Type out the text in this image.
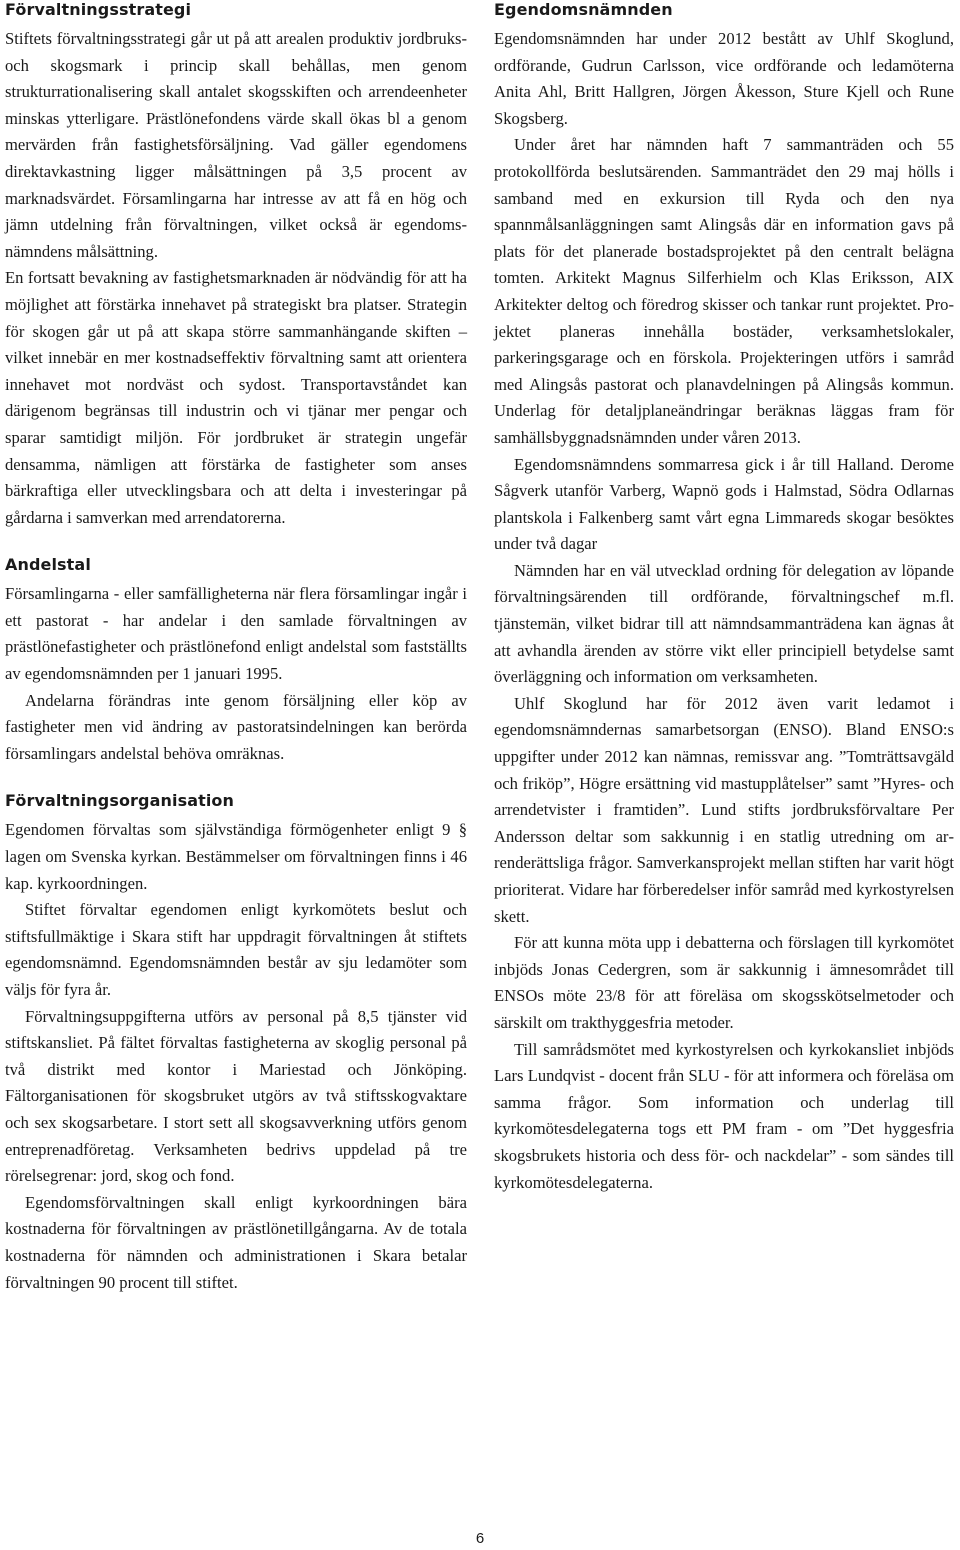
Förvaltningsstrategi

Stiftets förvaltningsstrategi går ut på att arealen produktiv jordbruks- och skogsmark i princip skall behållas, men genom strukturrationalisering skall antalet skogsskiften och arrendeenheter minskas ytterligare. Prästlönefondens värde skall ökas bl a genom mervärden från fastighetsförsäljning. Vad gäller egendomens direktavkastning ligger målsättningen på 3,5 procent av marknadsvärdet. Församlingarna har intresse av att få en hög och jämn utdelning från förvaltningen, vilket också är egendomsnämndens målsättning.

En fortsatt bevakning av fastighetsmarknaden är nödvändig för att ha möjlighet att förstärka innehavet på strategiskt bra platser. Strategin för skogen går ut på att skapa större sammanhängande skiften – vilket innebär en mer kostnadseffektiv förvaltning samt att orientera innehavet mot nordväst och sydost. Transportavståndet kan därigenom begränsas till industrin och vi tjänar mer pengar och sparar samtidigt miljön. För jordbruket är strategin ungefär densamma, nämligen att förstärka de fastigheter som anses bärkraftiga eller utvecklingsbara och att delta i investeringar på gårdarna i samverkan med arrendatorerna.

Andelstal

Församlingarna - eller samfälligheterna när flera församlingar ingår i ett pastorat - har andelar i den samlade förvaltningen av prästlönefastigheter och prästlönefond enligt andelstal som fastställts av egendomsnämnden per 1 januari 1995.

Andelarna förändras inte genom försäljning eller köp av fastigheter men vid ändring av pastoratsindelningen kan berörda församlingars andelstal behöva omräknas.

Förvaltningsorganisation

Egendomen förvaltas som självständiga förmögenheter enligt 9 § lagen om Svenska kyrkan. Bestämmelser om förvaltningen finns i 46 kap. kyrkoordningen.

Stiftet förvaltar egendomen enligt kyrkomötets beslut och stiftsfullmäktige i Skara stift har uppdragit förvaltningen åt stiftets egendomsnämnd. Egendomsnämnden består av sju ledamöter som väljs för fyra år.

Förvaltningsuppgifterna utförs av personal på 8,5 tjänster vid stiftskansliet. På fältet förvaltas fastigheterna av skoglig personal på två distrikt med kontor i Mariestad och Jönköping. Fältorganisationen för skogsbruket utgörs av två stiftsskogvaktare och sex skogsarbetare. I stort sett all skogsavverkning utförs genom entreprenadföretag. Verksamheten bedrivs uppdelad på tre rörelsegrenar: jord, skog och fond.

Egendomsförvaltningen skall enligt kyrkoordningen bära kostnaderna för förvaltningen av prästlönetillgångarna. Av de totala kostnaderna för nämnden och administrationen i Skara betalar förvaltningen 90 procent till stiftet.

Egendomsnämnden

Egendomsnämnden har under 2012 bestått av Uhlf Skoglund, ordförande, Gudrun Carlsson, vice ordförande och ledamöterna Anita Ahl, Britt Hallgren, Jörgen Åkesson, Sture Kjell och Rune Skogsberg.

Under året har nämnden haft 7 sammanträden och 55 protokollförda beslutsärenden. Sammanträdet den 29 maj hölls i samband med en exkursion till Ryda och den nya spannmålsanläggningen samt Alingsås där en information gavs på plats för det planerade bostadsprojektet på den centralt belägna tomten. Arkitekt Magnus Silferhielm och Klas Eriksson, AIX Arkitekter deltog och föredrog skisser och tankar runt projektet. Projektet planeras innehålla bostäder, verksamhetslokaler, parkeringsgarage och en förskola. Projekteringen utförs i samråd med Alingsås pastorat och planavdelningen på Alingsås kommun. Underlag för detaljplaneändringar beräknas läggas fram för samhällsbyggnadsnämnden under våren 2013.

Egendomsnämndens sommarresa gick i år till Halland. Derome Sågverk utanför Varberg, Wapnö gods i Halmstad, Södra Odlarnas plantskola i Falkenberg samt vårt egna Limmareds skogar besöktes under två dagar

Nämnden har en väl utvecklad ordning för delegation av löpande förvaltningsärenden till ordförande, förvaltningschef m.fl. tjänstemän, vilket bidrar till att nämndsammanträdena kan ägnas åt att avhandla ärenden av större vikt eller principiell betydelse samt överläggning och information om verksamheten.

Uhlf Skoglund har för 2012 även varit ledamot i egendomsnämndernas samarbetsorgan (ENSO). Bland ENSO:s uppgifter under 2012 kan nämnas, remissvar ang. ”Tomträttsavgäld och friköp”, Högre ersättning vid mastupplåtelser” samt ”Hyres- och arrendetvister i framtiden”. Lund stifts jordbruksförvaltare Per Andersson deltar som sakkunnig i en statlig utredning om arrenderättsliga frågor. Samverkansprojekt mellan stiften har varit högt prioriterat. Vidare har förberedelser inför samråd med kyrkostyrelsen skett.

För att kunna möta upp i debatterna och förslagen till kyrkomötet inbjöds Jonas Cedergren, som är sakkunnig i ämnesområdet till ENSOs möte 23/8 för att föreläsa om skogsskötselmetoder och särskilt om trakthyggesfria metoder.

Till samrådsmötet med kyrkostyrelsen och kyrkokansliet inbjöds Lars Lundqvist - docent från SLU - för att informera och föreläsa om samma frågor. Som information och underlag till kyrkomötesdelegaterna togs ett PM fram - om ”Det hyggesfria skogsbrukets historia och dess för- och nackdelar” - som sändes till kyrkomötesdelegaterna.

6
